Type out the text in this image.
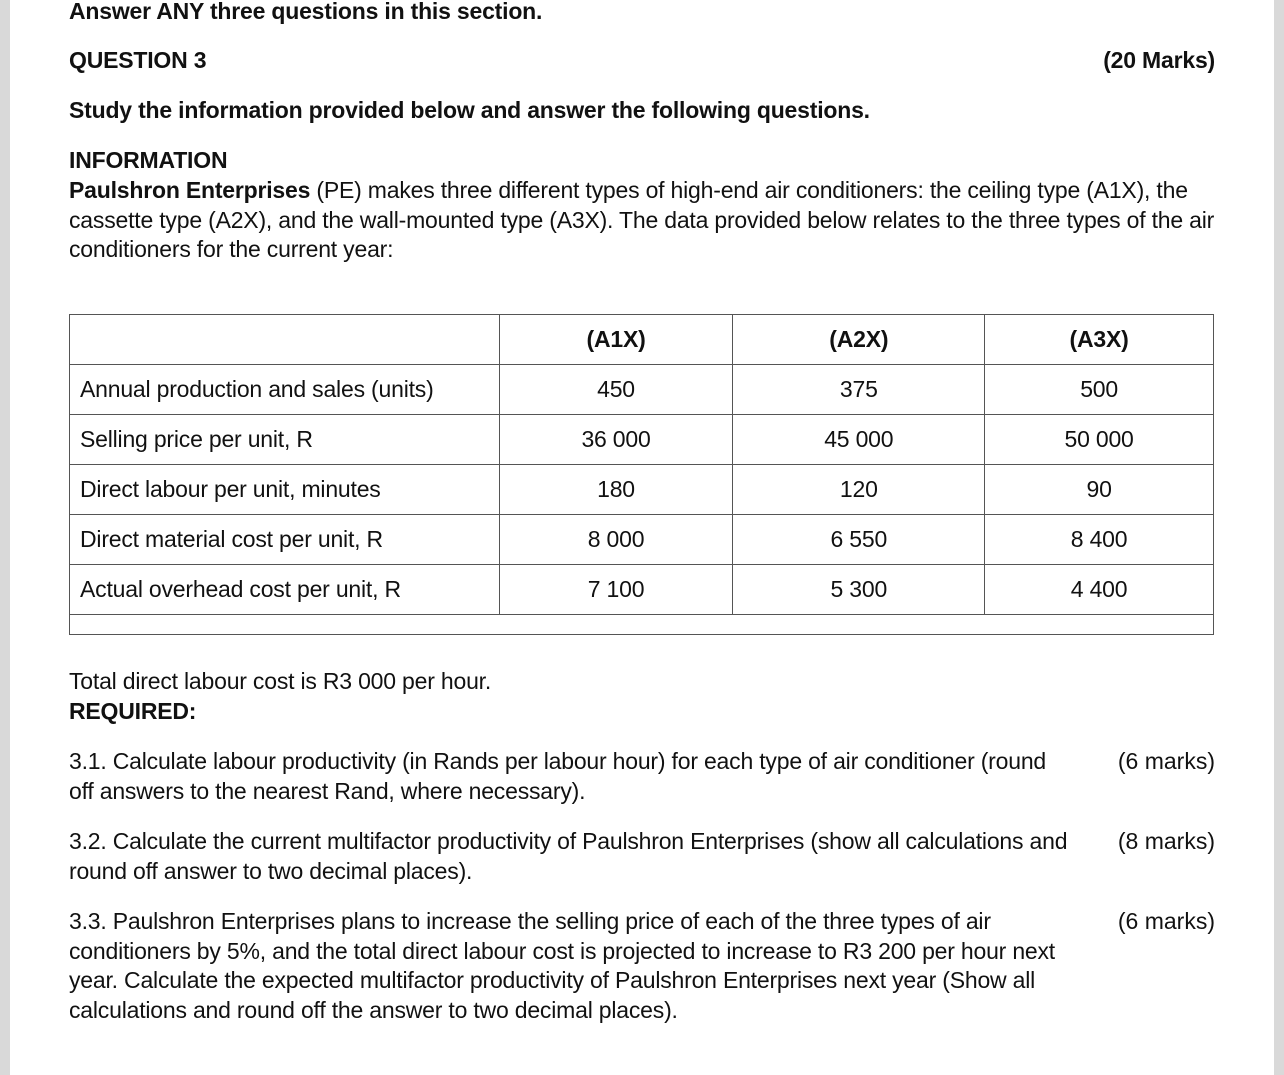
Answer ANY three questions in this section.
QUESTION 3	(20 Marks)
Study the information provided below and answer the following questions.
INFORMATION
Paulshron Enterprises (PE) makes three different types of high-end air conditioners: the ceiling type (A1X), the cassette type (A2X), and the wall-mounted type (A3X). The data provided below relates to the three types of the air conditioners for the current year:
	(A1X)	(A2X)	(A3X)
Annual production and sales (units)	450	375	500
Selling price per unit, R	36 000	45 000	50 000
Direct labour per unit, minutes	180	120	90
Direct material cost per unit, R	8 000	6 550	8 400
Actual overhead cost per unit, R	7 100	5 300	4 400

Total direct labour cost is R3 000 per hour.
REQUIRED:
3.1. Calculate labour productivity (in Rands per labour hour) for each type of air conditioner (round off answers to the nearest Rand, where necessary).
(6 marks)
3.2. Calculate the current multifactor productivity of Paulshron Enterprises (show all calculations and round off answer to two decimal places).
(8 marks)
3.3. Paulshron Enterprises plans to increase the selling price of each of the three types of air conditioners by 5%, and the total direct labour cost is projected to increase to R3 200 per hour next year. Calculate the expected multifactor productivity of Paulshron Enterprises next year (Show all calculations and round off the answer to two decimal places).
(6 marks)
